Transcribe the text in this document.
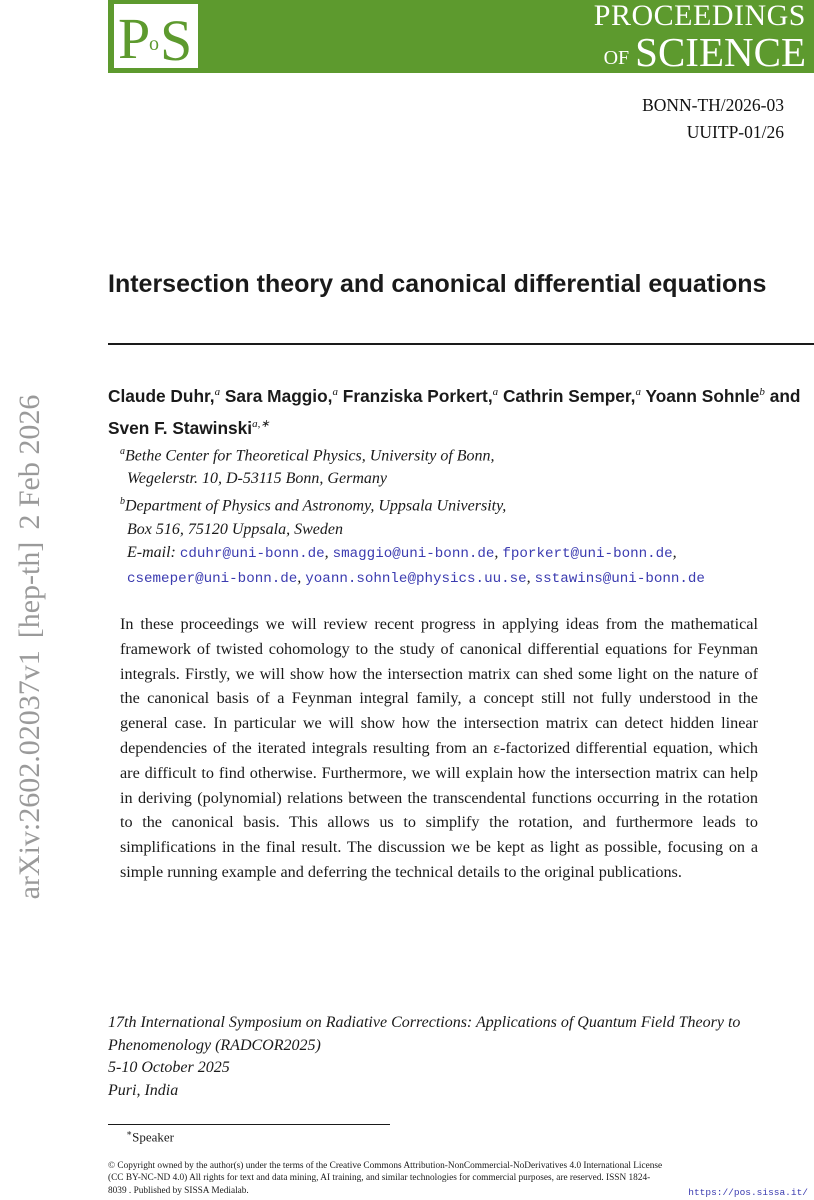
PROCEEDINGS
$^{OF}$ SCIENCE
P
o S
BONN-TH/2026-03
UUITP-01/26
arXiv:2602.02037v1[hep-th]2 Feb 2026
Intersection theory and canonical differential equations
Claude Duhr,$^a$ Sara Maggio,$^a$ Franziska Porkert,$^a$ Cathrin Semper,$^a$ Yoann Sohnle$^b$ and Sven F. Stawinski$^{a,∗}$
$^a$Bethe Center for Theoretical Physics, University of Bonn,
Wegelerstr. 10, D-53115 Bonn, Germany
$^b$Department of Physics and Astronomy, Uppsala University,
Box 516, 75120 Uppsala, Sweden
E-mail: cduhr@uni-bonn.de, smaggio@uni-bonn.de, fporkert@uni-bonn.de,
csemeper@uni-bonn.de, yoann.sohnle@physics.uu.se, sstawins@uni-bonn.de
In these proceedings we will review recent progress in applying ideas from the mathematical framework of twisted cohomology to the study of canonical differential equations for Feynman integrals. Firstly, we will show how the intersection matrix can shed some light on the nature of the canonical basis of a Feynman integral family, a concept still not fully understood in the general case. In particular we will show how the intersection matrix can detect hidden linear dependencies of the iterated integrals resulting from an ε-factorized differential equation, which are difficult to find otherwise. Furthermore, we will explain how the intersection matrix can help in deriving (polynomial) relations between the transcendental functions occurring in the rotation to the canonical basis. This allows us to simplify the rotation, and furthermore leads to simplifications in the final result. The discussion we be kept as light as possible, focusing on a simple running example and deferring the technical details to the original publications.
17th International Symposium on Radiative Corrections: Applications of Quantum Field Theory to Phenomenology (RADCOR2025)
5-10 October 2025
Puri, India
∗Speaker
© Copyright owned by the author(s) under the terms of the Creative Commons Attribution-NonCommercial-NoDerivatives 4.0 International License (CC BY-NC-ND 4.0) All rights for text and data mining, AI training, and similar technologies for commercial purposes, are reserved. ISSN 1824-8039 . Published by SISSA Medialab.	https://pos.sissa.it/
